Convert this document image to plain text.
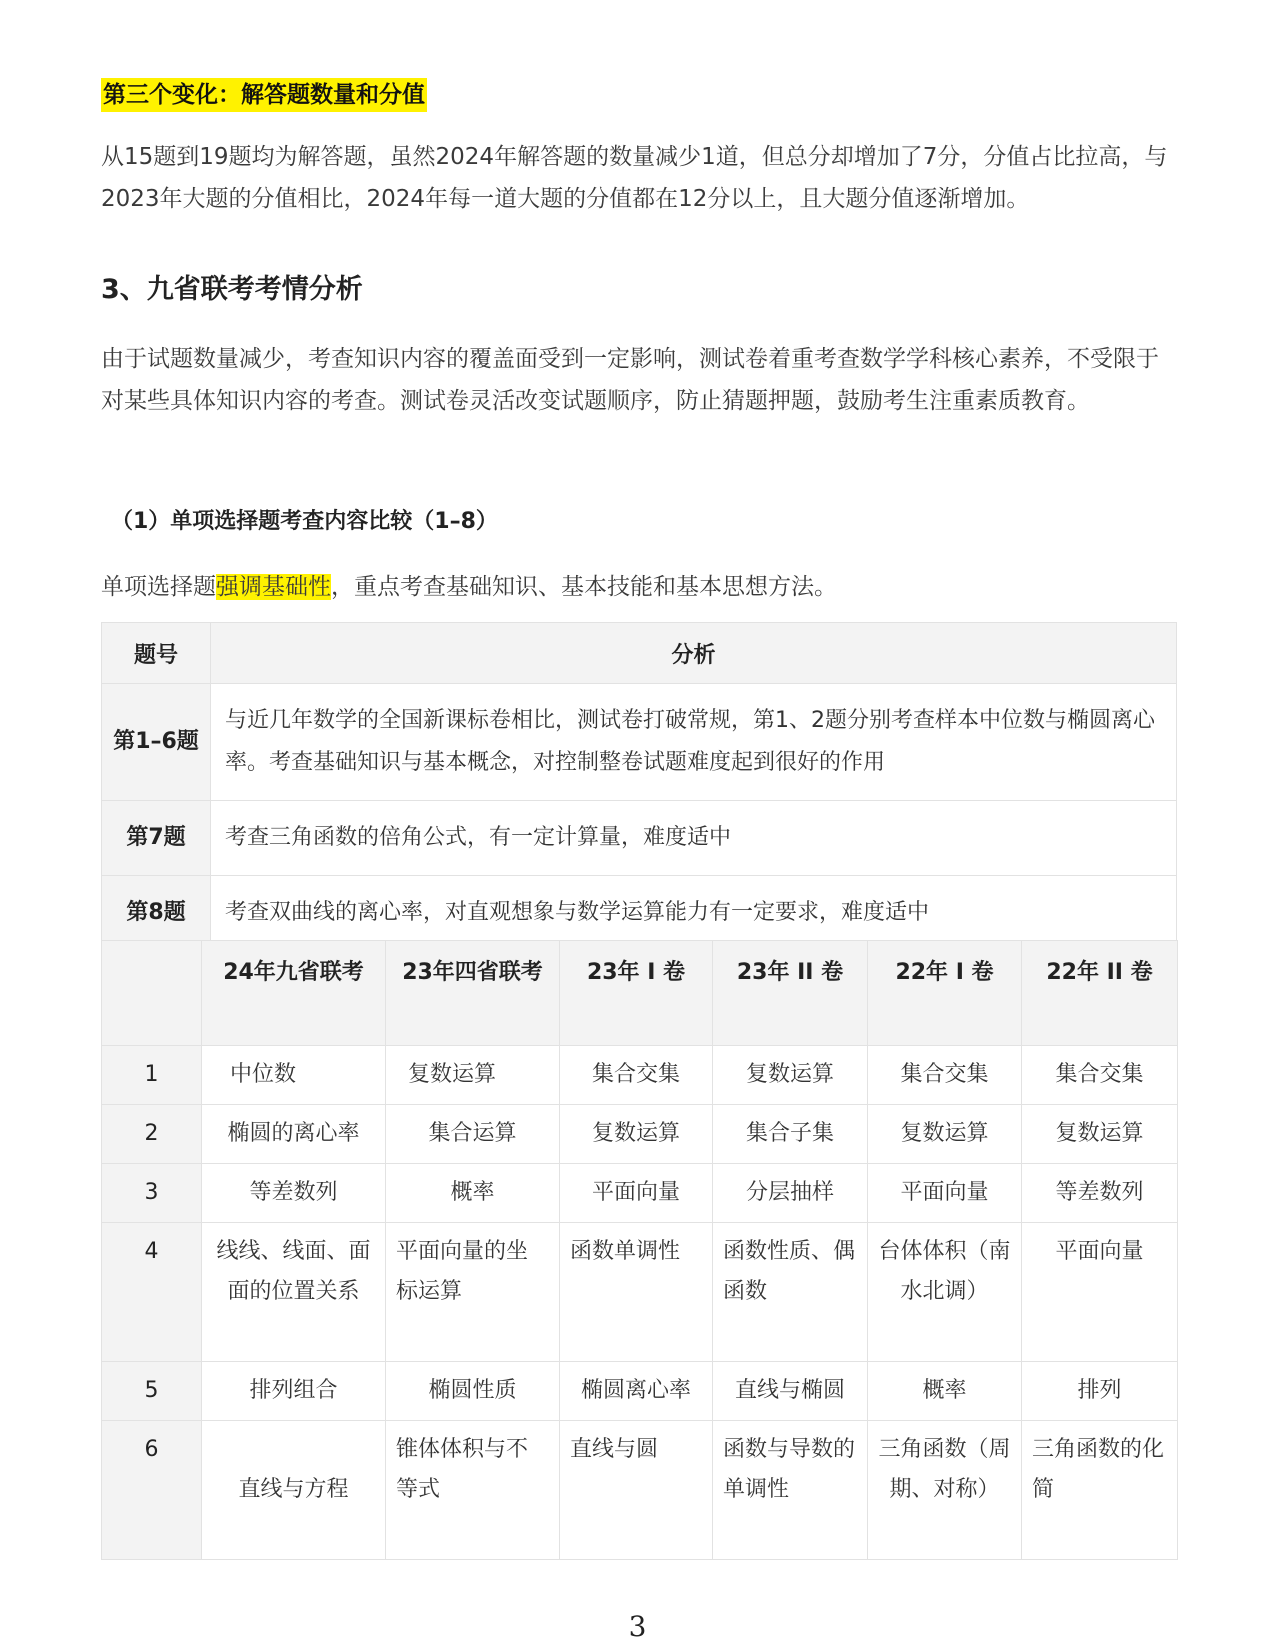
第三个变化：解答题数量和分值
从15题到19题均为解答题，虽然2024年解答题的数量减少1道，但总分却增加了7分，分值占比拉高，与2023年大题的分值相比，2024年每一道大题的分值都在12分以上，且大题分值逐渐增加。
3、九省联考考情分析
由于试题数量减少，考查知识内容的覆盖面受到一定影响，测试卷着重考查数学学科核心素养，不受限于对某些具体知识内容的考查。测试卷灵活改变试题顺序，防止猜题押题，鼓励考生注重素质教育。
（1）单项选择题考查内容比较（1–8）
单项选择题强调基础性，重点考查基础知识、基本技能和基本思想方法。
题号	分析
第1–6题	与近几年数学的全国新课标卷相比，测试卷打破常规，第1、2题分别考查样本中位数与椭圆离心率。考查基础知识与基本概念，对控制整卷试题难度起到很好的作用
第7题	考查三角函数的倍角公式，有一定计算量，难度适中
第8题	考查双曲线的离心率，对直观想象与数学运算能力有一定要求，难度适中
	24年九省联考	23年四省联考	23年 I 卷	23年 II 卷	22年 I 卷	22年 II 卷
1	中位数	复数运算	集合交集	复数运算	集合交集	集合交集
2	椭圆的离心率	集合运算	复数运算	集合子集	复数运算	复数运算
3	等差数列	概率	平面向量	分层抽样	平面向量	等差数列
4	线线、线面、面面的位置关系	平面向量的坐标运算	函数单调性	函数性质、偶函数	台体体积（南水北调）	平面向量
5	排列组合	椭圆性质	椭圆离心率	直线与椭圆	概率	排列
6	直线与方程	锥体体积与不等式	直线与圆	函数与导数的单调性	三角函数（周期、对称）	三角函数的化简
3
